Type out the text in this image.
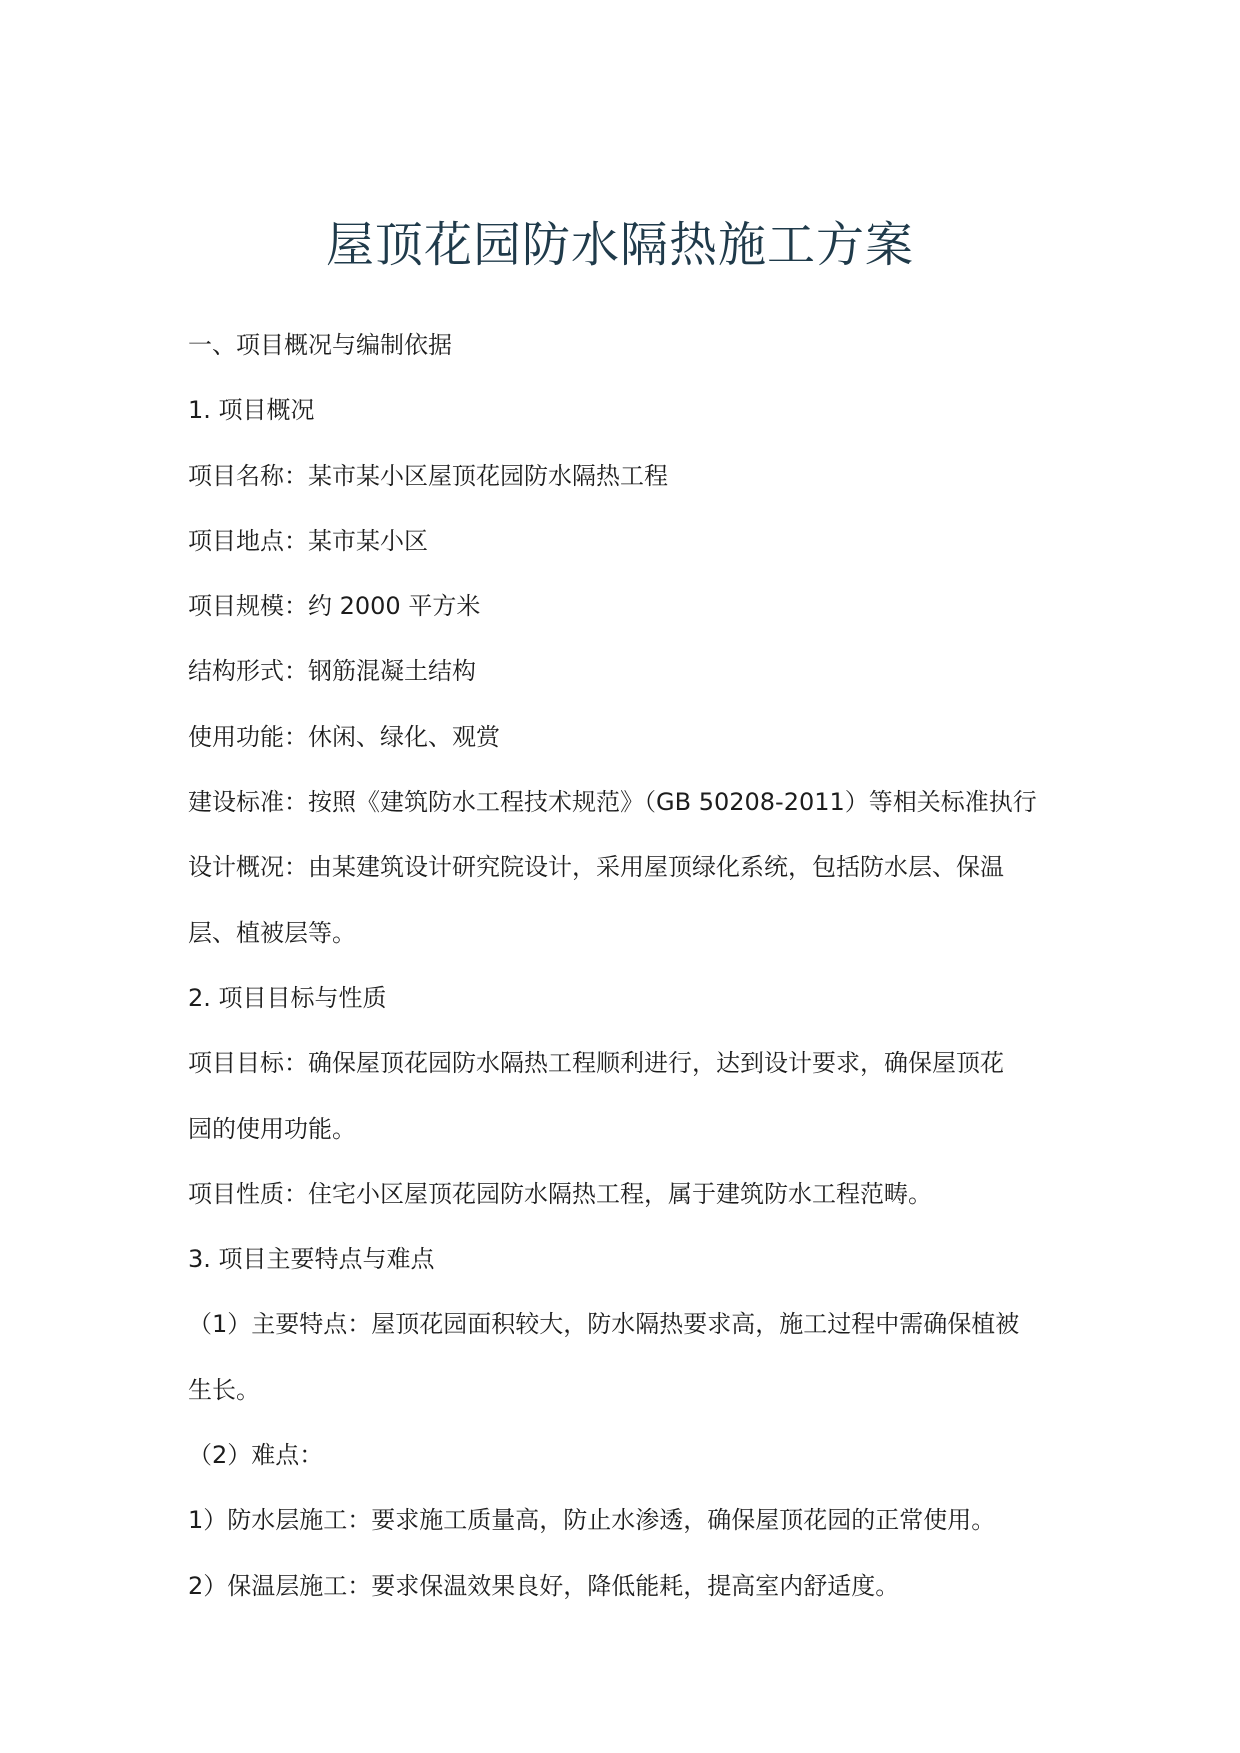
屋顶花园防水隔热施工方案

一、项目概况与编制依据

1. 项目概况

项目名称：某市某小区屋顶花园防水隔热工程

项目地点：某市某小区

项目规模：约 2000 平方米

结构形式：钢筋混凝土结构

使用功能：休闲、绿化、观赏

建设标准：按照《建筑防水工程技术规范》（GB 50208-2011）等相关标准执行

设计概况：由某建筑设计研究院设计，采用屋顶绿化系统，包括防水层、保温

层、植被层等。

2. 项目目标与性质

项目目标：确保屋顶花园防水隔热工程顺利进行，达到设计要求，确保屋顶花

园的使用功能。

项目性质：住宅小区屋顶花园防水隔热工程，属于建筑防水工程范畴。

3. 项目主要特点与难点

（1）主要特点：屋顶花园面积较大，防水隔热要求高，施工过程中需确保植被

生长。

（2）难点：

1）防水层施工：要求施工质量高，防止水渗透，确保屋顶花园的正常使用。

2）保温层施工：要求保温效果良好，降低能耗，提高室内舒适度。
